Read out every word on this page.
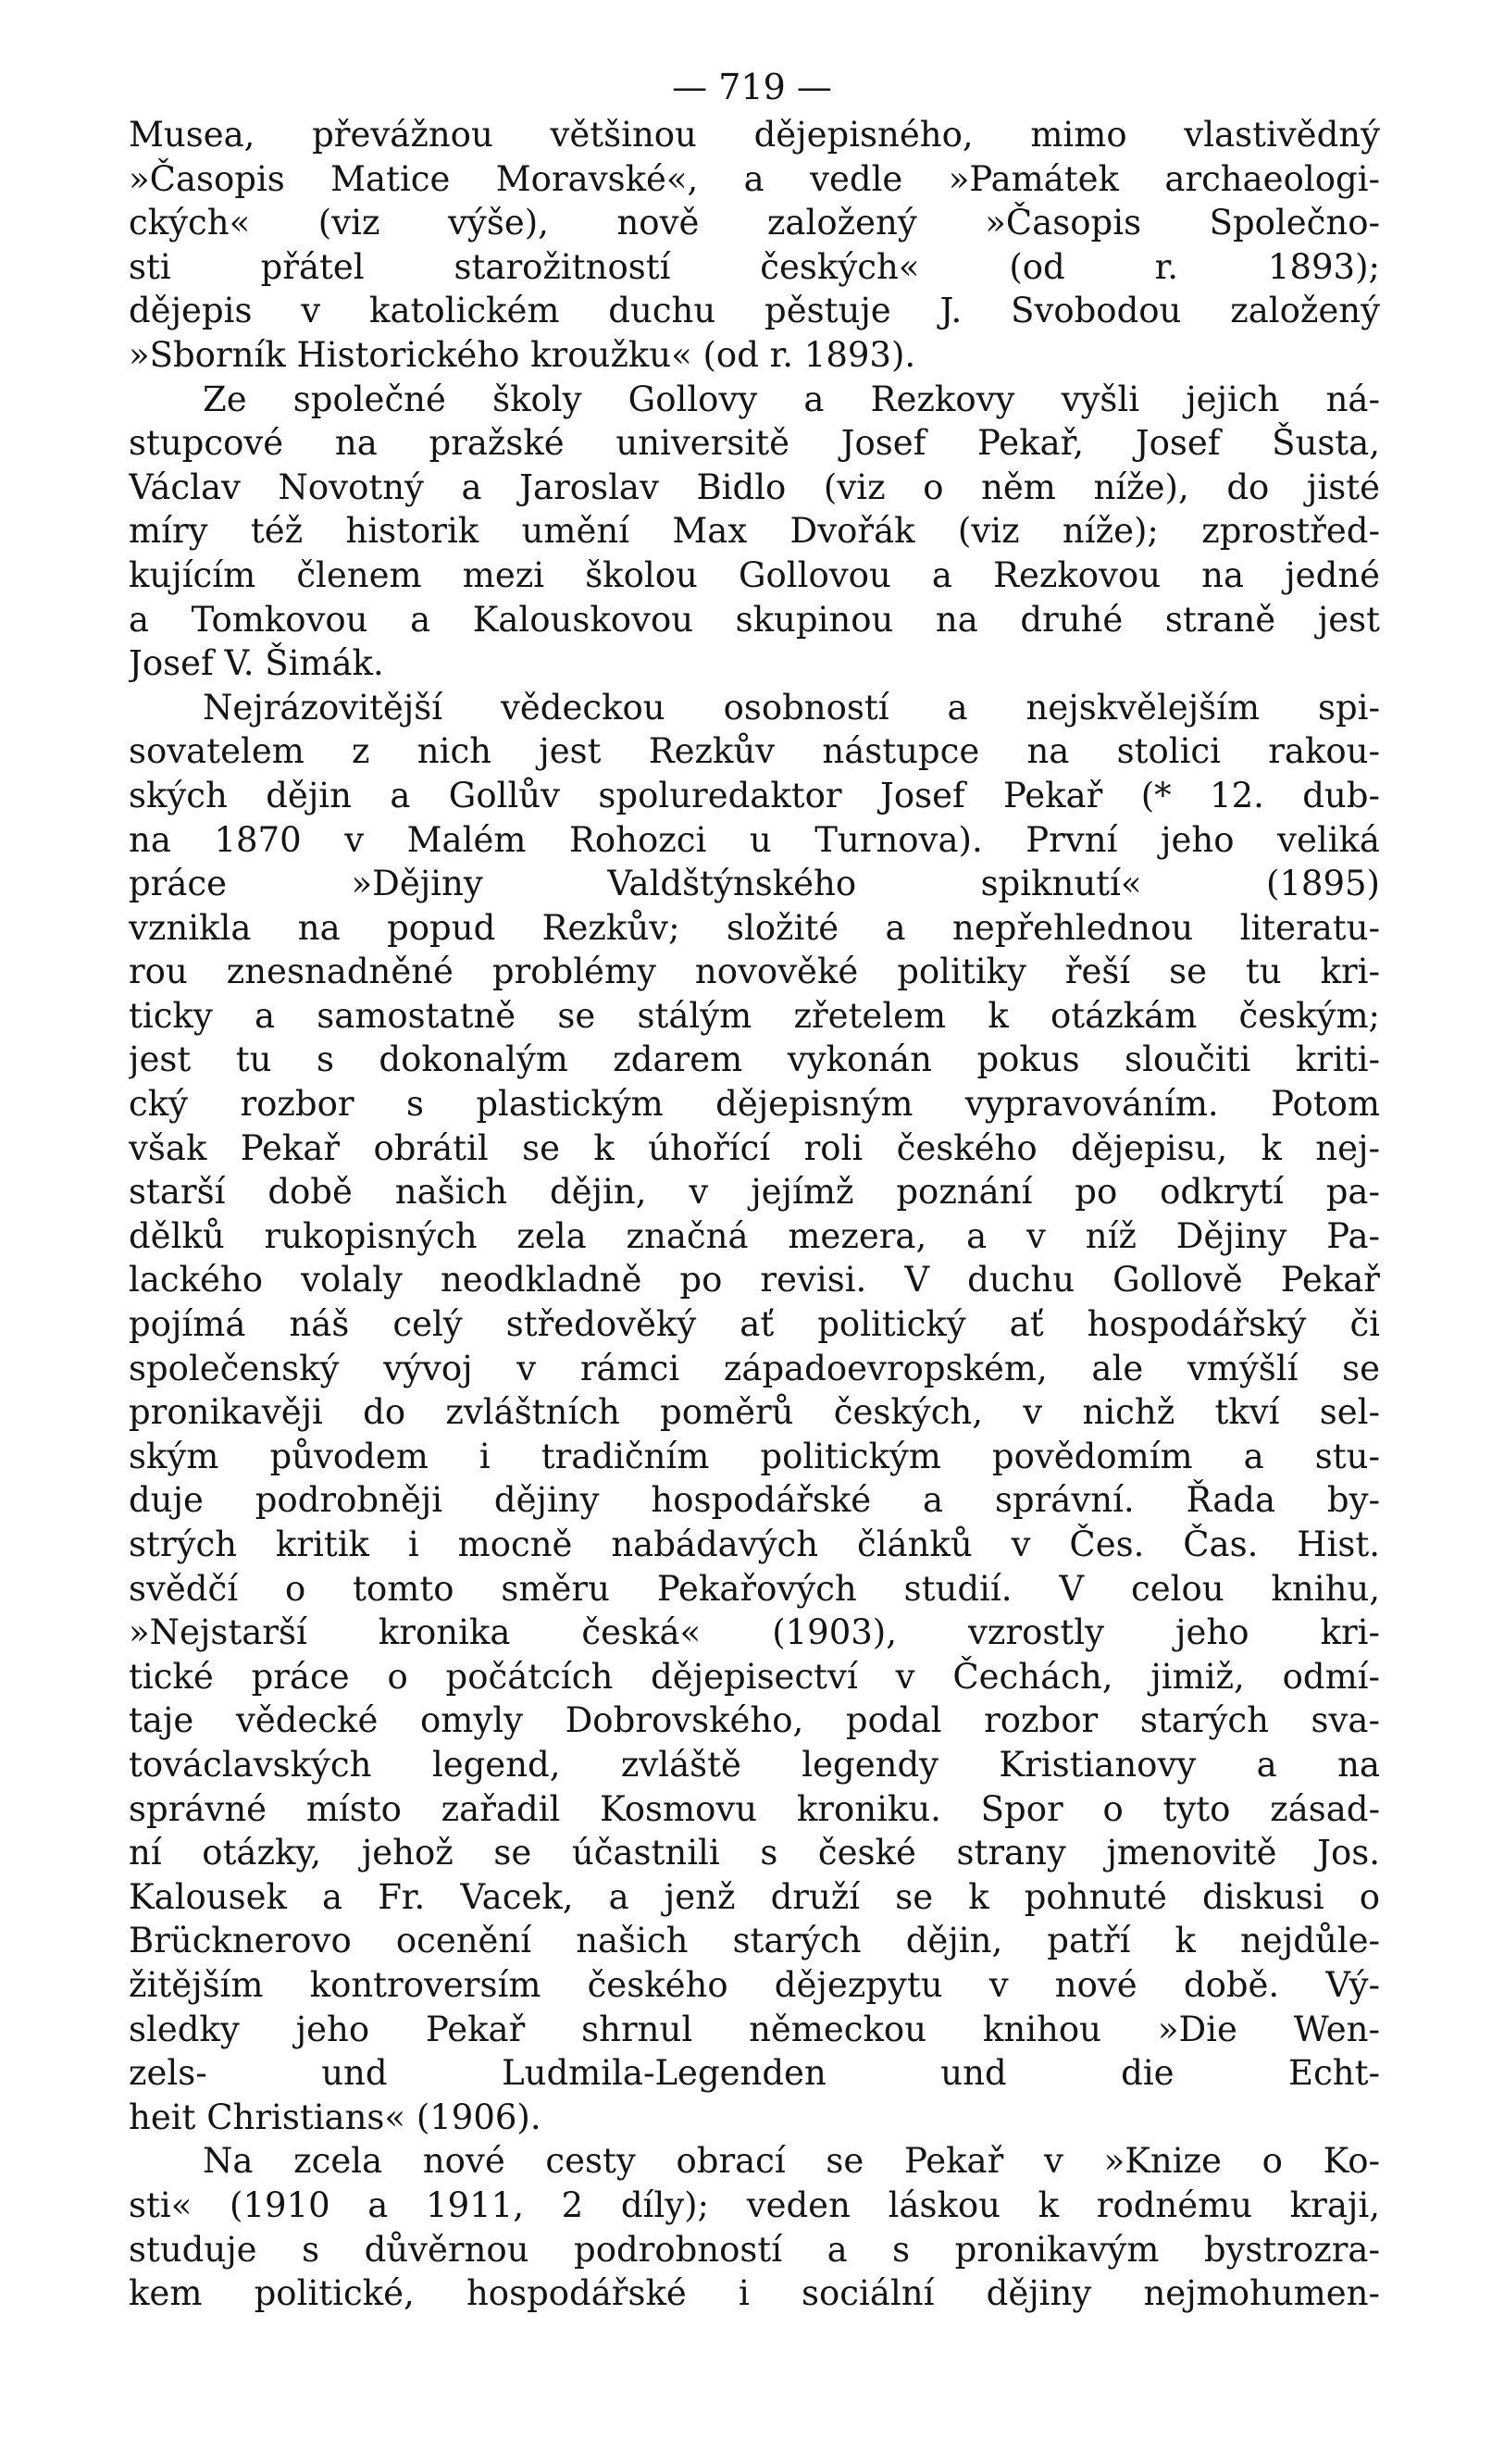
— 719 —
Musea, převážnou většinou dějepisného, mimo vlastivědný
»Časopis Matice Moravské«, a vedle »Památek archaeologi-
ckých« (viz výše), nově založený »Časopis Společno-
sti přátel starožitností českých« (od r. 1893);
dějepis v katolickém duchu pěstuje J. Svobodou založený
»Sborník Historického kroužku« (od r. 1893).
Ze společné školy Gollovy a Rezkovy vyšli jejich ná-
stupcové na pražské universitě Josef Pekař, Josef Šusta,
Václav Novotný a Jaroslav Bidlo (viz o něm níže), do jisté
míry též historik umění Max Dvořák (viz níže); zprostřed-
kujícím členem mezi školou Gollovou a Rezkovou na jedné
a Tomkovou a Kalouskovou skupinou na druhé straně jest
Josef V. Šimák.
Nejrázovitější vědeckou osobností a nejskvělejším spi-
sovatelem z nich jest Rezkův nástupce na stolici rakou-
ských dějin a Gollův spoluredaktor Josef Pekař (* 12. dub-
na 1870 v Malém Rohozci u Turnova). První jeho veliká
práce »Dějiny Valdštýnského spiknutí« (1895)
vznikla na popud Rezkův; složité a nepřehlednou literatu-
rou znesnadněné problémy novověké politiky řeší se tu kri-
ticky a samostatně se stálým zřetelem k otázkám českým;
jest tu s dokonalým zdarem vykonán pokus sloučiti kriti-
cký rozbor s plastickým dějepisným vypravováním. Potom
však Pekař obrátil se k úhořící roli českého dějepisu, k nej-
starší době našich dějin, v jejímž poznání po odkrytí pa-
dělků rukopisných zela značná mezera, a v níž Dějiny Pa-
lackého volaly neodkladně po revisi. V duchu Gollově Pekař
pojímá náš celý středověký ať politický ať hospodářský či
společenský vývoj v rámci západoevropském, ale vmýšlí se
pronikavěji do zvláštních poměrů českých, v nichž tkví sel-
ským původem i tradičním politickým povědomím a stu-
duje podrobněji dějiny hospodářské a správní. Řada by-
strých kritik i mocně nabádavých článků v Čes. Čas. Hist.
svědčí o tomto směru Pekařových studií. V celou knihu,
»Nejstarší kronika česká« (1903), vzrostly jeho kri-
tické práce o počátcích dějepisectví v Čechách, jimiž, odmí-
taje vědecké omyly Dobrovského, podal rozbor starých sva-
továclavských legend, zvláště legendy Kristianovy a na
správné místo zařadil Kosmovu kroniku. Spor o tyto zásad-
ní otázky, jehož se účastnili s české strany jmenovitě Jos.
Kalousek a Fr. Vacek, a jenž druží se k pohnuté diskusi o
Brücknerovo ocenění našich starých dějin, patří k nejdůle-
žitějším kontroversím českého dějezpytu v nové době. Vý-
sledky jeho Pekař shrnul německou knihou »Die Wen-
zels- und Ludmila-Legenden und die Echt-
heit Christians« (1906).
Na zcela nové cesty obrací se Pekař v »Knize o Ko-
sti« (1910 a 1911, 2 díly); veden láskou k rodnému kraji,
studuje s důvěrnou podrobností a s pronikavým bystrozra-
kem politické, hospodářské i sociální dějiny nejmohumen-
